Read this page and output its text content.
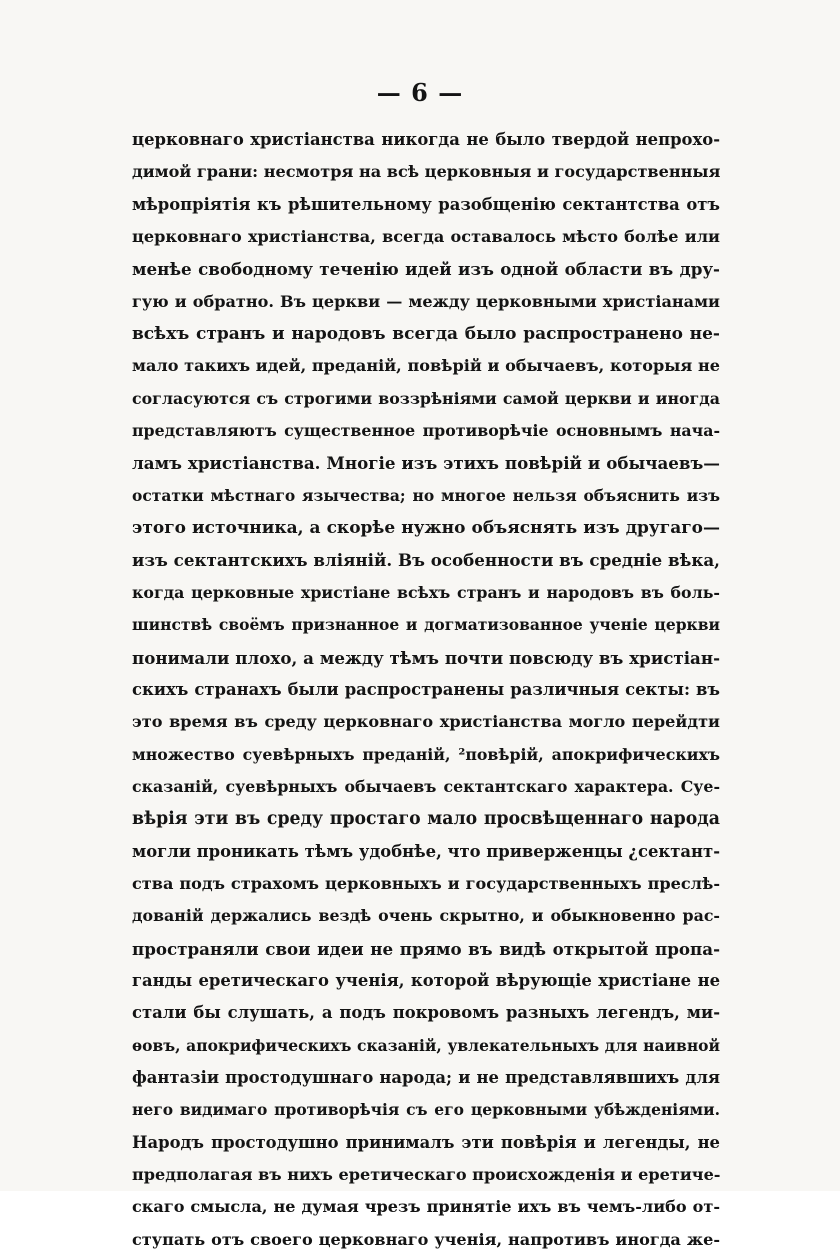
— 6 —
церковнаго христіанства никогда не было твердой непрохо-
димой грани: несмотря на всѣ церковныя и государственныя
мѣропріятія къ рѣшительному разобщенію сектантства отъ
церковнаго христіанства, всегда оставалось мѣсто болѣе или
менѣе свободному теченію идей изъ одной области въ дру-
гую и обратно. Въ церкви — между церковными христіанами
всѣхъ странъ и народовъ всегда было распространено не-
мало такихъ идей, преданій, повѣрій и обычаевъ, которыя не
согласуются съ строгими воззрѣніями самой церкви и иногда
представляютъ существенное противорѣчіе основнымъ нача-
ламъ христіанства. Многіе изъ этихъ повѣрій и обычаевъ—
остатки мѣстнаго язычества; но многое нельзя объяснить изъ
этого источника, а скорѣе нужно объяснять изъ другаго—
изъ сектантскихъ вліяній. Въ особенности въ средніе вѣка,
когда церковные христіане всѣхъ странъ и народовъ въ боль-
шинствѣ своёмъ признанное и догматизованное ученіе церкви
понимали плохо, а между тѣмъ почти повсюду въ христіан-
скихъ странахъ были распространены различныя секты: въ
это время въ среду церковнаго христіанства могло перейдти
множество суевѣрныхъ преданій, ²повѣрій, апокрифическихъ
сказаній, суевѣрныхъ обычаевъ сектантскаго характера. Суе-
вѣрія эти въ среду простаго мало просвѣщеннаго народа
могли проникать тѣмъ удобнѣе, что приверженцы ¿сектант-
ства подъ страхомъ церковныхъ и государственныхъ преслѣ-
дованій держались вездѣ очень скрытно, и обыкновенно рас-
пространяли свои идеи не прямо въ видѣ открытой пропа-
ганды еретическаго ученія, которой вѣрующіе христіане не
стали бы слушать, а подъ покровомъ разныхъ легендъ, ми-
ѳовъ, апокрифическихъ сказаній, увлекательныхъ для наивной
фантазіи простодушнаго народа; и не представлявшихъ для
него видимаго противорѣчія съ его церковными убѣжденіями.
Народъ простодушно принималъ эти повѣрія и легенды, не
предполагая въ нихъ еретическаго происхожденія и еретиче-
скаго смысла, не думая чрезъ принятіе ихъ въ чемъ-либо от-
ступать отъ своего церковнаго ученія, напротивъ иногда же-
